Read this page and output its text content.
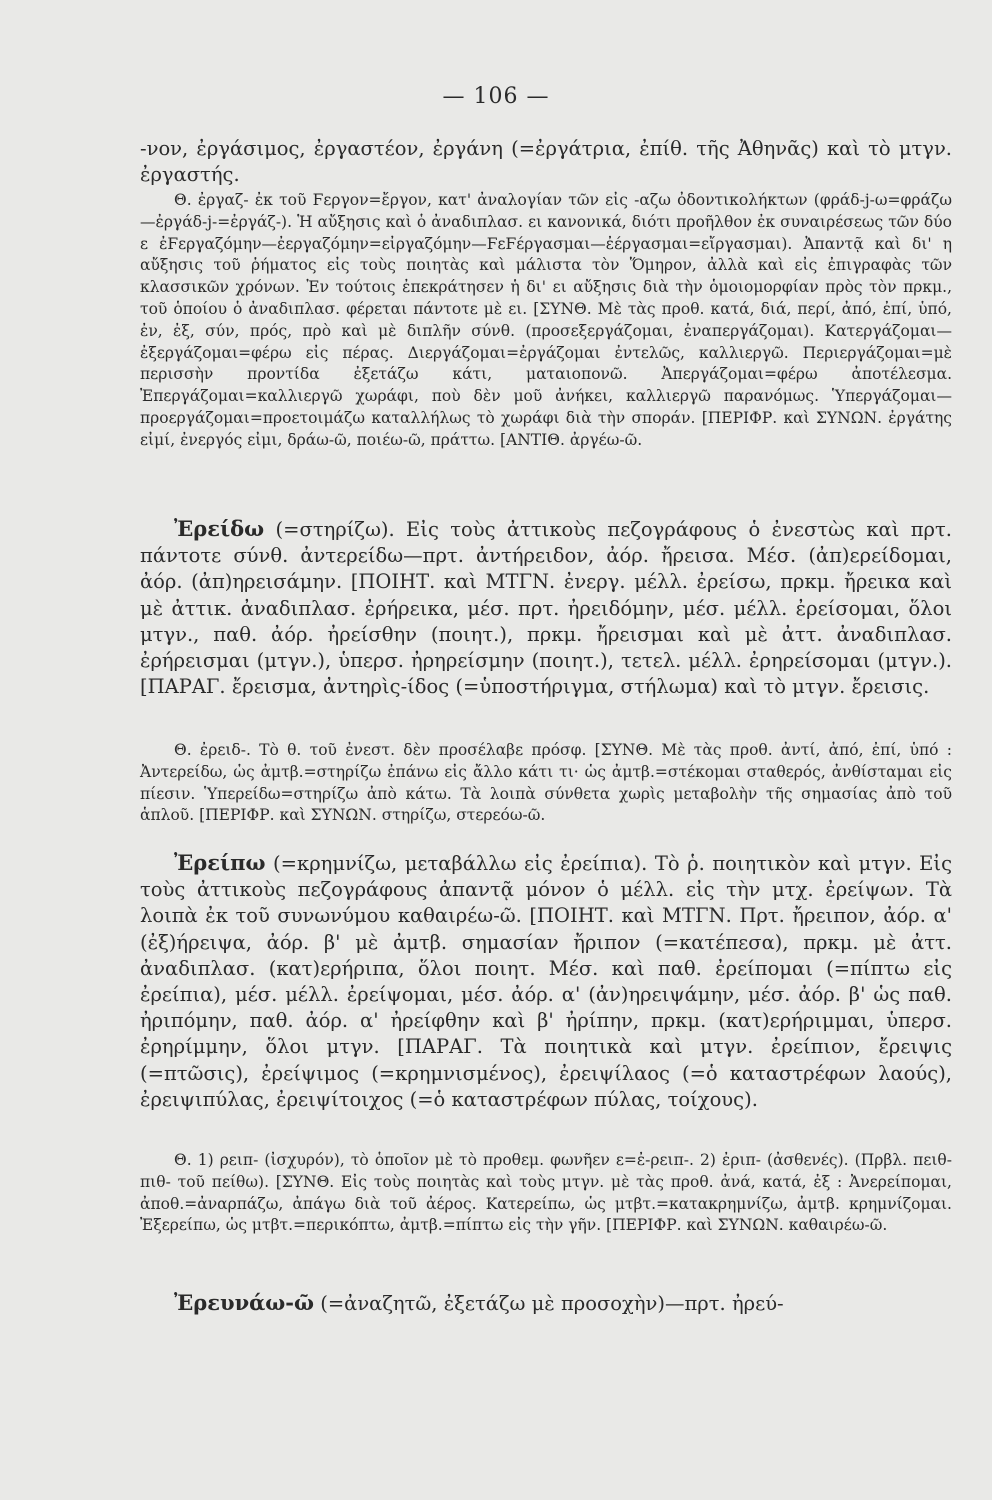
— 106 —

-νον, ἐργάσιμος, ἐργαστέον, ἐργάνη (=ἐργάτρια, ἐπίθ. τῆς Ἀθηνᾶς) καὶ τὸ μτγν. ἐργαστής.

Θ. ἐργαζ- ἐκ τοῦ Ϝεργον=ἔργον, κατ' ἀναλογίαν τῶν εἰς -αζω ὀδοντικολήκτων (φράδ-j-ω=φράζω—ἐργάδ-j-=ἐργάζ-). Ἡ αὔξησις καὶ ὁ ἀναδιπλασ. ει κανονικά, διότι προῆλθον ἐκ συναιρέσεως τῶν δύο ε ἐϜεργαζόμην—ἐεργαζόμην=εἰργαζόμην—ϜεϜέργασμαι—ἐέργασμαι=εἴργασμαι). Ἀπαντᾷ καὶ δι' η αὔξησις τοῦ ῥήματος εἰς τοὺς ποιητὰς καὶ μάλιστα τὸν Ὅμηρον, ἀλλὰ καὶ εἰς ἐπιγραφὰς τῶν κλασσικῶν χρόνων. Ἐν τούτοις ἐπεκράτησεν ἡ δι' ει αὔξησις διὰ τὴν ὁμοιομορφίαν πρὸς τὸν πρκμ., τοῦ ὁποίου ὁ ἀναδιπλασ. φέρεται πάντοτε μὲ ει. [ΣΥΝΘ. Μὲ τὰς προθ. κατά, διά, περί, ἀπό, ἐπί, ὑπό, ἐν, ἐξ, σύν, πρός, πρὸ καὶ μὲ διπλῆν σύνθ. (προσεξεργάζομαι, ἐναπεργάζομαι). Κατεργάζομαι—ἐξεργάζομαι=φέρω εἰς πέρας. Διεργάζομαι=ἐργάζομαι ἐντελῶς, καλλιεργῶ. Περιεργάζομαι=μὲ περισσὴν προντίδα ἐξετάζω κάτι, ματαιοπονῶ. Ἀπεργάζομαι=φέρω ἀποτέλεσμα. Ἐπεργάζομαι=καλλιεργῶ χωράφι, ποὺ δὲν μοῦ ἀνήκει, καλλιεργῶ παρανόμως. Ὑπεργάζομαι—προεργάζομαι=προετοιμάζω καταλλήλως τὸ χωράφι διὰ τὴν σποράν. [ΠΕΡΙΦΡ. καὶ ΣΥΝΩΝ. ἐργάτης εἰμί, ἐνεργός εἰμι, δράω-ῶ, ποιέω-ῶ, πράττω. [ΑΝΤΙΘ. ἀργέω-ῶ.

Ἐρείδω (=στηρίζω). Εἰς τοὺς ἀττικοὺς πεζογράφους ὁ ἐνεστὼς καὶ πρτ. πάντοτε σύνθ. ἀντερείδω—πρτ. ἀντήρειδον, ἀόρ. ἤρεισα. Μέσ. (ἀπ)ερείδομαι, ἀόρ. (ἀπ)ηρεισάμην. [ΠΟΙΗΤ. καὶ ΜΤΓΝ. ἐνεργ. μέλλ. ἐρείσω, πρκμ. ἤρεικα καὶ μὲ ἀττικ. ἀναδιπλασ. ἐρήρεικα, μέσ. πρτ. ἠρειδόμην, μέσ. μέλλ. ἐρείσομαι, ὅλοι μτγν., παθ. ἀόρ. ἠρείσθην (ποιητ.), πρκμ. ἤρεισμαι καὶ μὲ ἀττ. ἀναδιπλασ. ἐρήρεισμαι (μτγν.), ὑπερσ. ἠρηρείσμην (ποιητ.), τετελ. μέλλ. ἐρηρείσομαι (μτγν.). [ΠΑΡΑΓ. ἔρεισμα, ἀντηρὶς-ίδος (=ὑποστήριγμα, στήλωμα) καὶ τὸ μτγν. ἔρεισις.

Θ. ἐρειδ-. Τὸ θ. τοῦ ἐνεστ. δὲν προσέλαβε πρόσφ. [ΣΥΝΘ. Μὲ τὰς προθ. ἀντί, ἀπό, ἐπί, ὑπό : Ἀντερείδω, ὡς ἀμτβ.=στηρίζω ἐπάνω εἰς ἄλλο κάτι τι· ὡς ἀμτβ.=στέκομαι σταθερός, ἀνθίσταμαι εἰς πίεσιν. Ὑπερείδω=στηρίζω ἀπὸ κάτω. Τὰ λοιπὰ σύνθετα χωρὶς μεταβολὴν τῆς σημασίας ἀπὸ τοῦ ἁπλοῦ. [ΠΕΡΙΦΡ. καὶ ΣΥΝΩΝ. στηρίζω, στερεόω-ῶ.

Ἐρείπω (=κρημνίζω, μεταβάλλω εἰς ἐρείπια). Τὸ ῥ. ποιητικὸν καὶ μτγν. Εἰς τοὺς ἀττικοὺς πεζογράφους ἀπαντᾷ μόνον ὁ μέλλ. εἰς τὴν μτχ. ἐρείψων. Τὰ λοιπὰ ἐκ τοῦ συνωνύμου καθαιρέω-ῶ. [ΠΟΙΗΤ. καὶ ΜΤΓΝ. Πρτ. ἤρειπον, ἀόρ. α' (ἐξ)ήρειψα, ἀόρ. β' μὲ ἀμτβ. σημασίαν ἤριπον (=κατέπεσα), πρκμ. μὲ ἀττ. ἀναδιπλασ. (κατ)ερήριπα, ὅλοι ποιητ. Μέσ. καὶ παθ. ἐρείπομαι (=πίπτω εἰς ἐρείπια), μέσ. μέλλ. ἐρείψομαι, μέσ. ἀόρ. α' (ἀν)ηρειψάμην, μέσ. ἀόρ. β' ὡς παθ. ἠριπόμην, παθ. ἀόρ. α' ἠρείφθην καὶ β' ἠρίπην, πρκμ. (κατ)ερήριμμαι, ὑπερσ. ἐρηρίμμην, ὅλοι μτγν. [ΠΑΡΑΓ. Τὰ ποιητικὰ καὶ μτγν. ἐρείπιον, ἔρειψις (=πτῶσις), ἐρείψιμος (=κρημνισμένος), ἐρειψίλαος (=ὁ καταστρέφων λαούς), ἐρειψιπύλας, ἐρειψίτοιχος (=ὁ καταστρέφων πύλας, τοίχους).

Θ. 1) ρειπ- (ἰσχυρόν), τὸ ὁποῖον μὲ τὸ προθεμ. φωνῆεν ε=ἐ-ρειπ-. 2) ἐριπ- (ἀσθενές). (Πρβλ. πειθ-πιθ- τοῦ πείθω). [ΣΥΝΘ. Εἰς τοὺς ποιητὰς καὶ τοὺς μτγν. μὲ τὰς προθ. ἀνά, κατά, ἐξ : Ἀνερείπομαι, ἀποθ.=ἀναρπάζω, ἀπάγω διὰ τοῦ ἀέρος. Κατερείπω, ὡς μτβτ.=κατακρημνίζω, ἀμτβ. κρημνίζομαι. Ἐξερείπω, ὡς μτβτ.=περικόπτω, ἀμτβ.=πίπτω εἰς τὴν γῆν. [ΠΕΡΙΦΡ. καὶ ΣΥΝΩΝ. καθαιρέω-ῶ.

Ἐρευνάω-ῶ (=ἀναζητῶ, ἐξετάζω μὲ προσοχὴν)—πρτ. ἠρεύ-
